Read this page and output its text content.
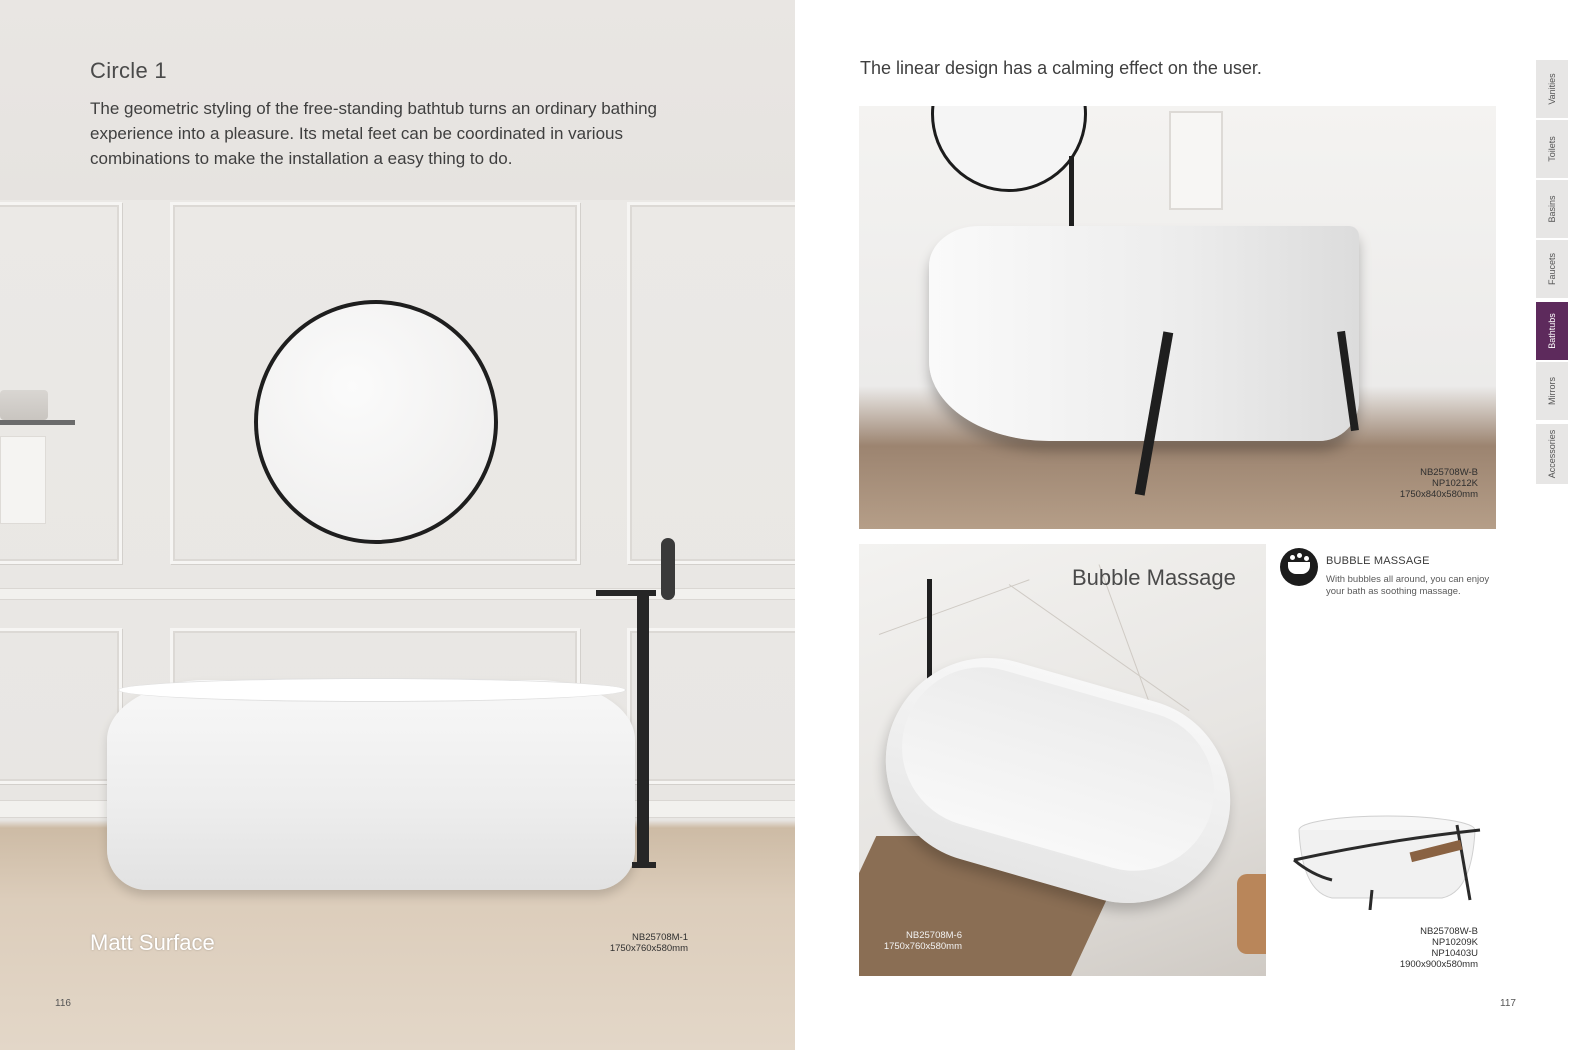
Circle 1

The geometric styling of the free-standing bathtub turns an ordinary bathing experience into a pleasure. Its metal feet can be coordinated in various combinations to make the installation a easy thing to do.

Matt Surface	NB25708M-1
1750x760x580mm
116
The linear design has a calming effect on the user.
NB25708W-B
NP10212K
1750x840x580mm
Bubble Massage
NB25708M-6
1750x760x580mm
BUBBLE MASSAGE

With bubbles all around, you can enjoy your bath as soothing massage.

NB25708W-B
NP10209K
NP10403U
1900x900x580mm
117
Vanities
Toilets
Basins
Faucets
Bathtubs
Mirrors
Accessories
